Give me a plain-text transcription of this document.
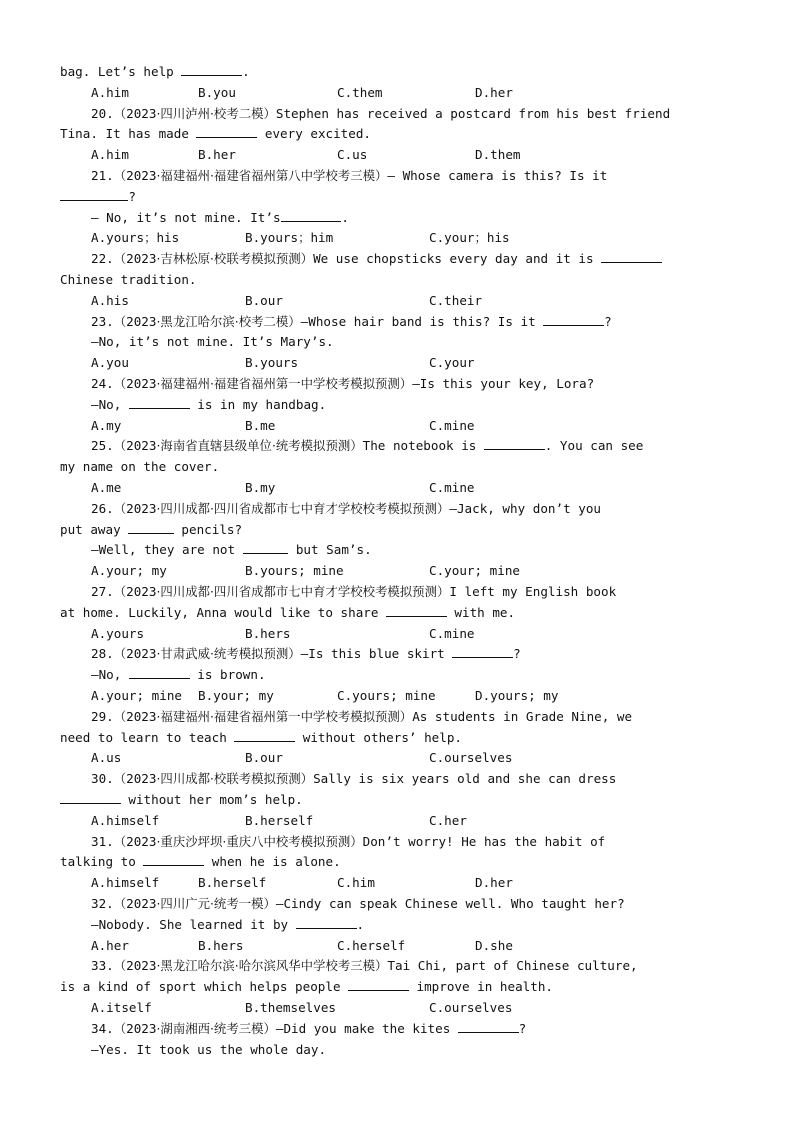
bag. Let’s help	.
A.him	B.you	C.them	D.her
20.（2023·四川泸州·校考二模）Stephen has received a postcard from his best friend
Tina. It has made	every excited.
A.him	B.her	C.us	D.them
21.（2023·福建福州·福建省福州第八中学校考三模）— Whose camera is this? Is it
?
— No, it’s not mine. It’s	.
A.yours；his	B.yours；him	C.your；his
22.（2023·吉林松原·校联考模拟预测）We use chopsticks every day and it is
Chinese tradition.
A.his	B.our	C.their
23.（2023·黑龙江哈尔滨·校考二模）—Whose hair band is this? Is it	?
—No, it’s not mine. It’s Mary’s.
A.you	B.yours	C.your
24.（2023·福建福州·福建省福州第一中学校考模拟预测）—Is this your key, Lora?
—No,	is in my handbag.
A.my	B.me	C.mine
25.（2023·海南省直辖县级单位·统考模拟预测）The notebook is	. You can see
my name on the cover.
A.me	B.my	C.mine
26.（2023·四川成都·四川省成都市七中育才学校校考模拟预测）—Jack, why don’t you
put away	pencils?
—Well, they are not	but Sam’s.
A.your; my	B.yours; mine	C.your; mine
27.（2023·四川成都·四川省成都市七中育才学校校考模拟预测）I left my English book
at home. Luckily, Anna would like to share	with me.
A.yours	B.hers	C.mine
28.（2023·甘肃武威·统考模拟预测）—Is this blue skirt	?
—No,	is brown.
A.your; mine B.your; my	C.yours; mine	D.yours; my
29.（2023·福建福州·福建省福州第一中学校考模拟预测）As students in Grade Nine, we
need to learn to teach	without others’ help.
A.us	B.our	C.ourselves
30.（2023·四川成都·校联考模拟预测）Sally is six years old and she can dress
without her mom’s help.
A.himself	B.herself	C.her
31.（2023·重庆沙坪坝·重庆八中校考模拟预测）Don’t worry! He has the habit of
talking to	when he is alone.
A.himself	B.herself	C.him	D.her
32.（2023·四川广元·统考一模）—Cindy can speak Chinese well. Who taught her?
—Nobody. She learned it by	.
A.her	B.hers	C.herself	D.she
33.（2023·黑龙江哈尔滨·哈尔滨风华中学校考三模）Tai Chi, part of Chinese culture,
is a kind of sport which helps people	improve in health.
A.itself	B.themselves	C.ourselves
34.（2023·湖南湘西·统考三模）—Did you make the kites	?
—Yes. It took us the whole day.
